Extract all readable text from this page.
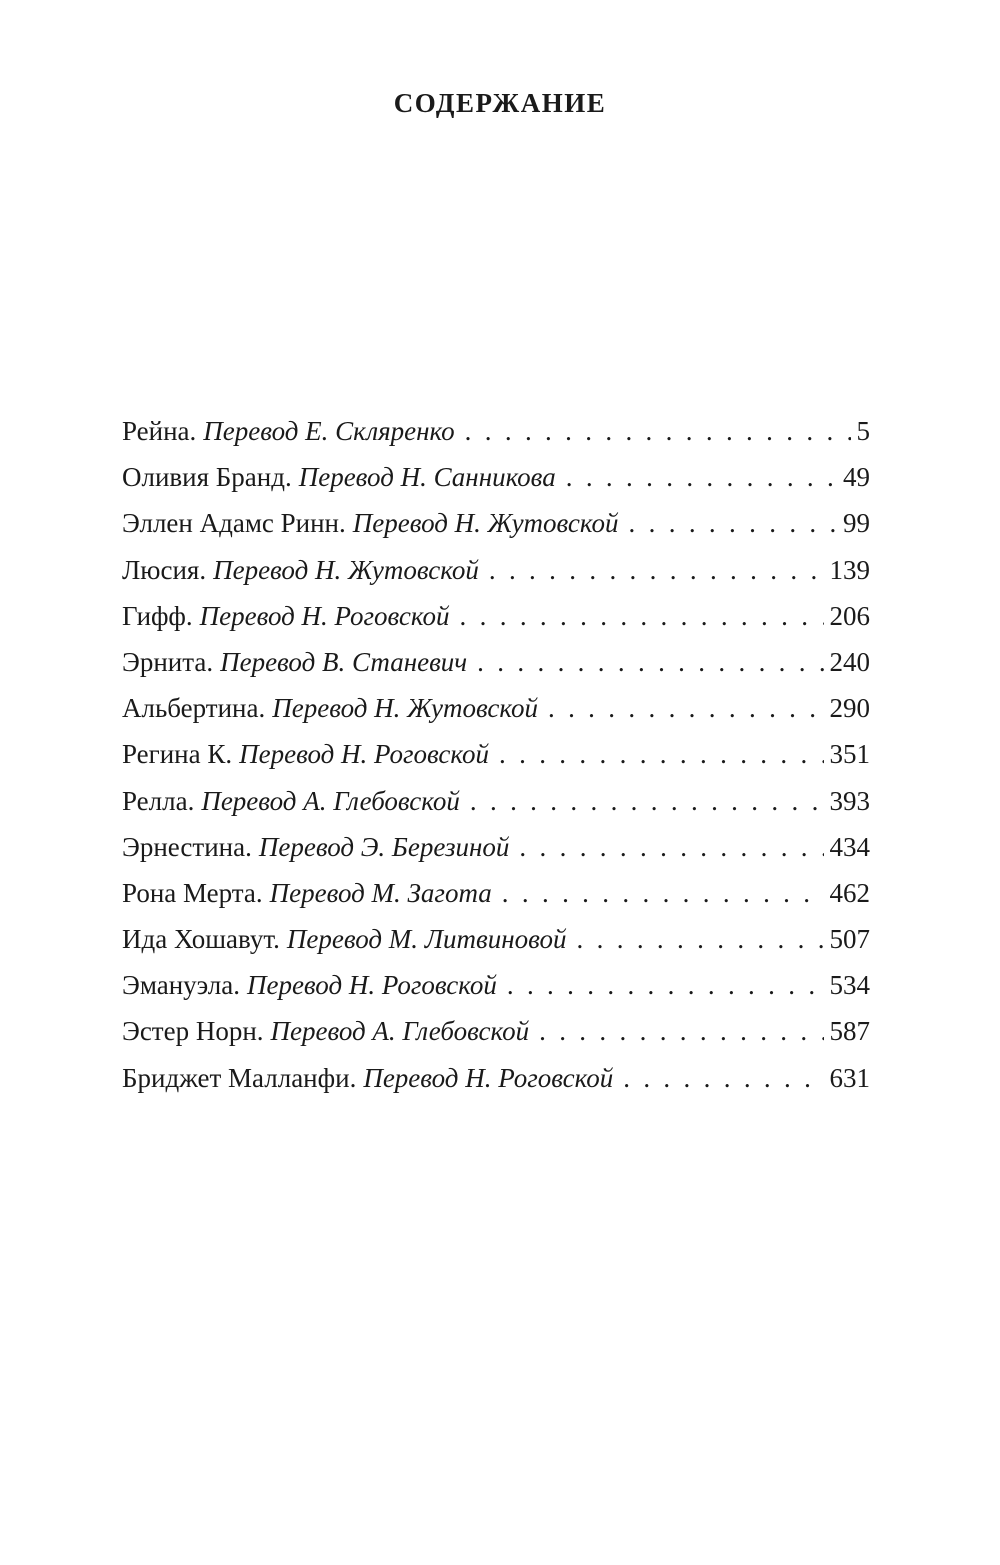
СОДЕРЖАНИЕ
Рейна. Перевод Е. Скляренко . . .	5
Оливия Бранд. Перевод Н. Санникова . . .	49
Эллен Адамс Ринн. Перевод Н. Жутовской . . .	99
Люсия. Перевод Н. Жутовской . . .	139
Гифф. Перевод Н. Роговской . . .	206
Эрнита. Перевод В. Станевич . . .	240
Альбертина. Перевод Н. Жутовской . . .	290
Регина К. Перевод Н. Роговской . . .	351
Релла. Перевод А. Глебовской . . .	393
Эрнестина. Перевод Э. Березиной . . .	434
Рона Мерта. Перевод М. Загота . . .	462
Ида Хошавут. Перевод М. Литвиновой . . .	507
Эмануэла. Перевод Н. Роговской . . .	534
Эстер Норн. Перевод А. Глебовской . . .	587
Бриджет Малланфи. Перевод Н. Роговской . . .	631
